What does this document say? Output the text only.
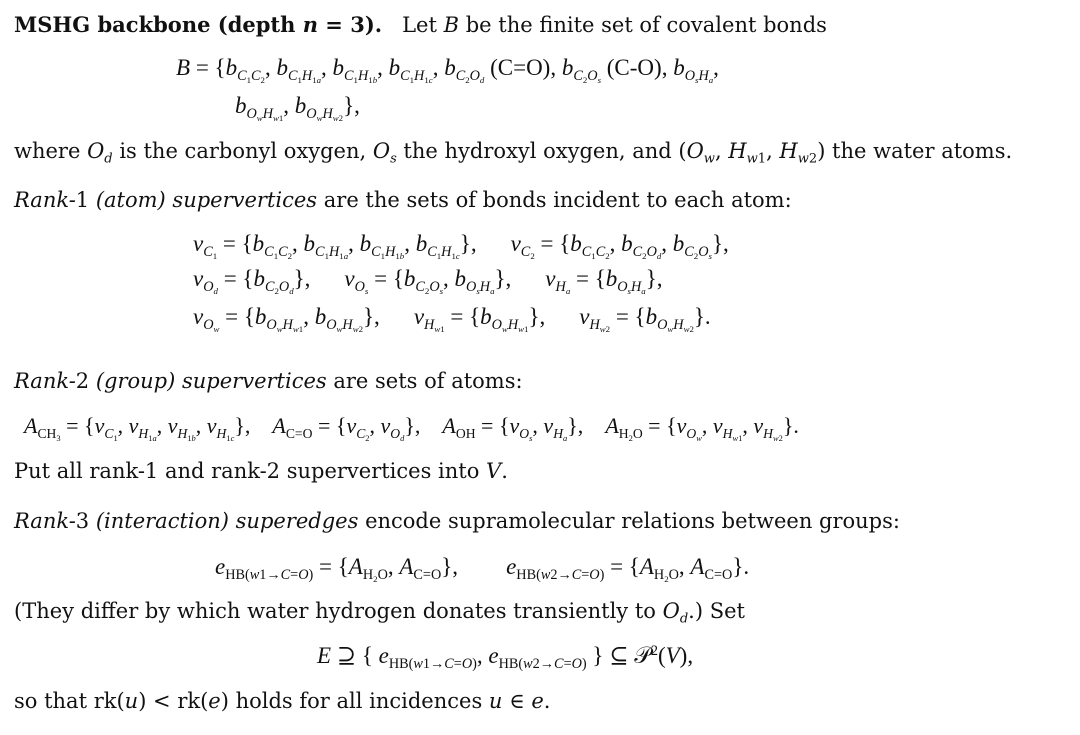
MSHG backbone (depth n = 3). Let B be the finite set of covalent bonds
$B = \{b_{C_1C_2}$, $b_{C_1H_{1a}}$, $b_{C_1H_{1b}}$, $b_{C_1H_{1c}}$, $b_{C_2O_d}$ (C=O), $b_{C_2O_s}$ (C-O), $b_{O_sH_a}$,
$b_{O_wH_{w1}}$, $b_{O_wH_{w2}}$},
where $O_d$ is the carbonyl oxygen, $O_s$ the hydroxyl oxygen, and ($O_w$, $H_{w1}$, $H_{w2}$) the water atoms.
Rank-1 (atom) supervertices are the sets of bonds incident to each atom:
$v_{C_1} = \{b_{C_1C_2}$, $b_{C_1H_{1a}}$, $b_{C_1H_{1b}}$, $b_{C_1H_{1c}}$}, $v_{C_2} = \{b_{C_1C_2}$, $b_{C_2O_d}$, $b_{C_2O_s}$},
$v_{O_d} = \{b_{C_2O_d}\}$, $v_{O_s} = \{b_{C_2O_s}$, $b_{O_sH_a}$}, $v_{H_a} = \{b_{O_sH_a}\}$,
$v_{O_w} = \{b_{O_wH_{w1}}$, $b_{O_wH_{w2}}$}, $v_{H_{w1}} = \{b_{O_wH_{w1}}\}$, $v_{H_{w2}} = \{b_{O_wH_{w2}}\}$.
Rank-2 (group) supervertices are sets of atoms:
$A_{CH_3} = \{v_{C_1}$, $v_{H_{1a}}$, $v_{H_{1b}}$, $v_{H_{1c}}$}, $A_{C=O} = \{v_{C_2}$, $v_{O_d}$}, $A_{OH} = \{v_{O_s}$, $v_{H_a}$}, $A_{H_2O} = \{v_{O_w}$, $v_{H_{w1}}$, $v_{H_{w2}}$}.
Put all rank-1 and rank-2 supervertices into V.
Rank-3 (interaction) superedges encode supramolecular relations between groups:
$e_{HB(w1\to C=O)} = \{A_{H_2O}$, $A_{C=O}$}, $e_{HB(w2\to C=O)} = \{A_{H_2O}$, $A_{C=O}$}.
(They differ by which water hydrogen donates transiently to $O_d$.) Set
E ⊇ { $e_{HB(w1\to C=O)}$, $e_{HB(w2\to C=O)}$ } ⊆ 𝒫$^2$(V),
so that rk(u) < rk(e) holds for all incidences u ∈ e.
